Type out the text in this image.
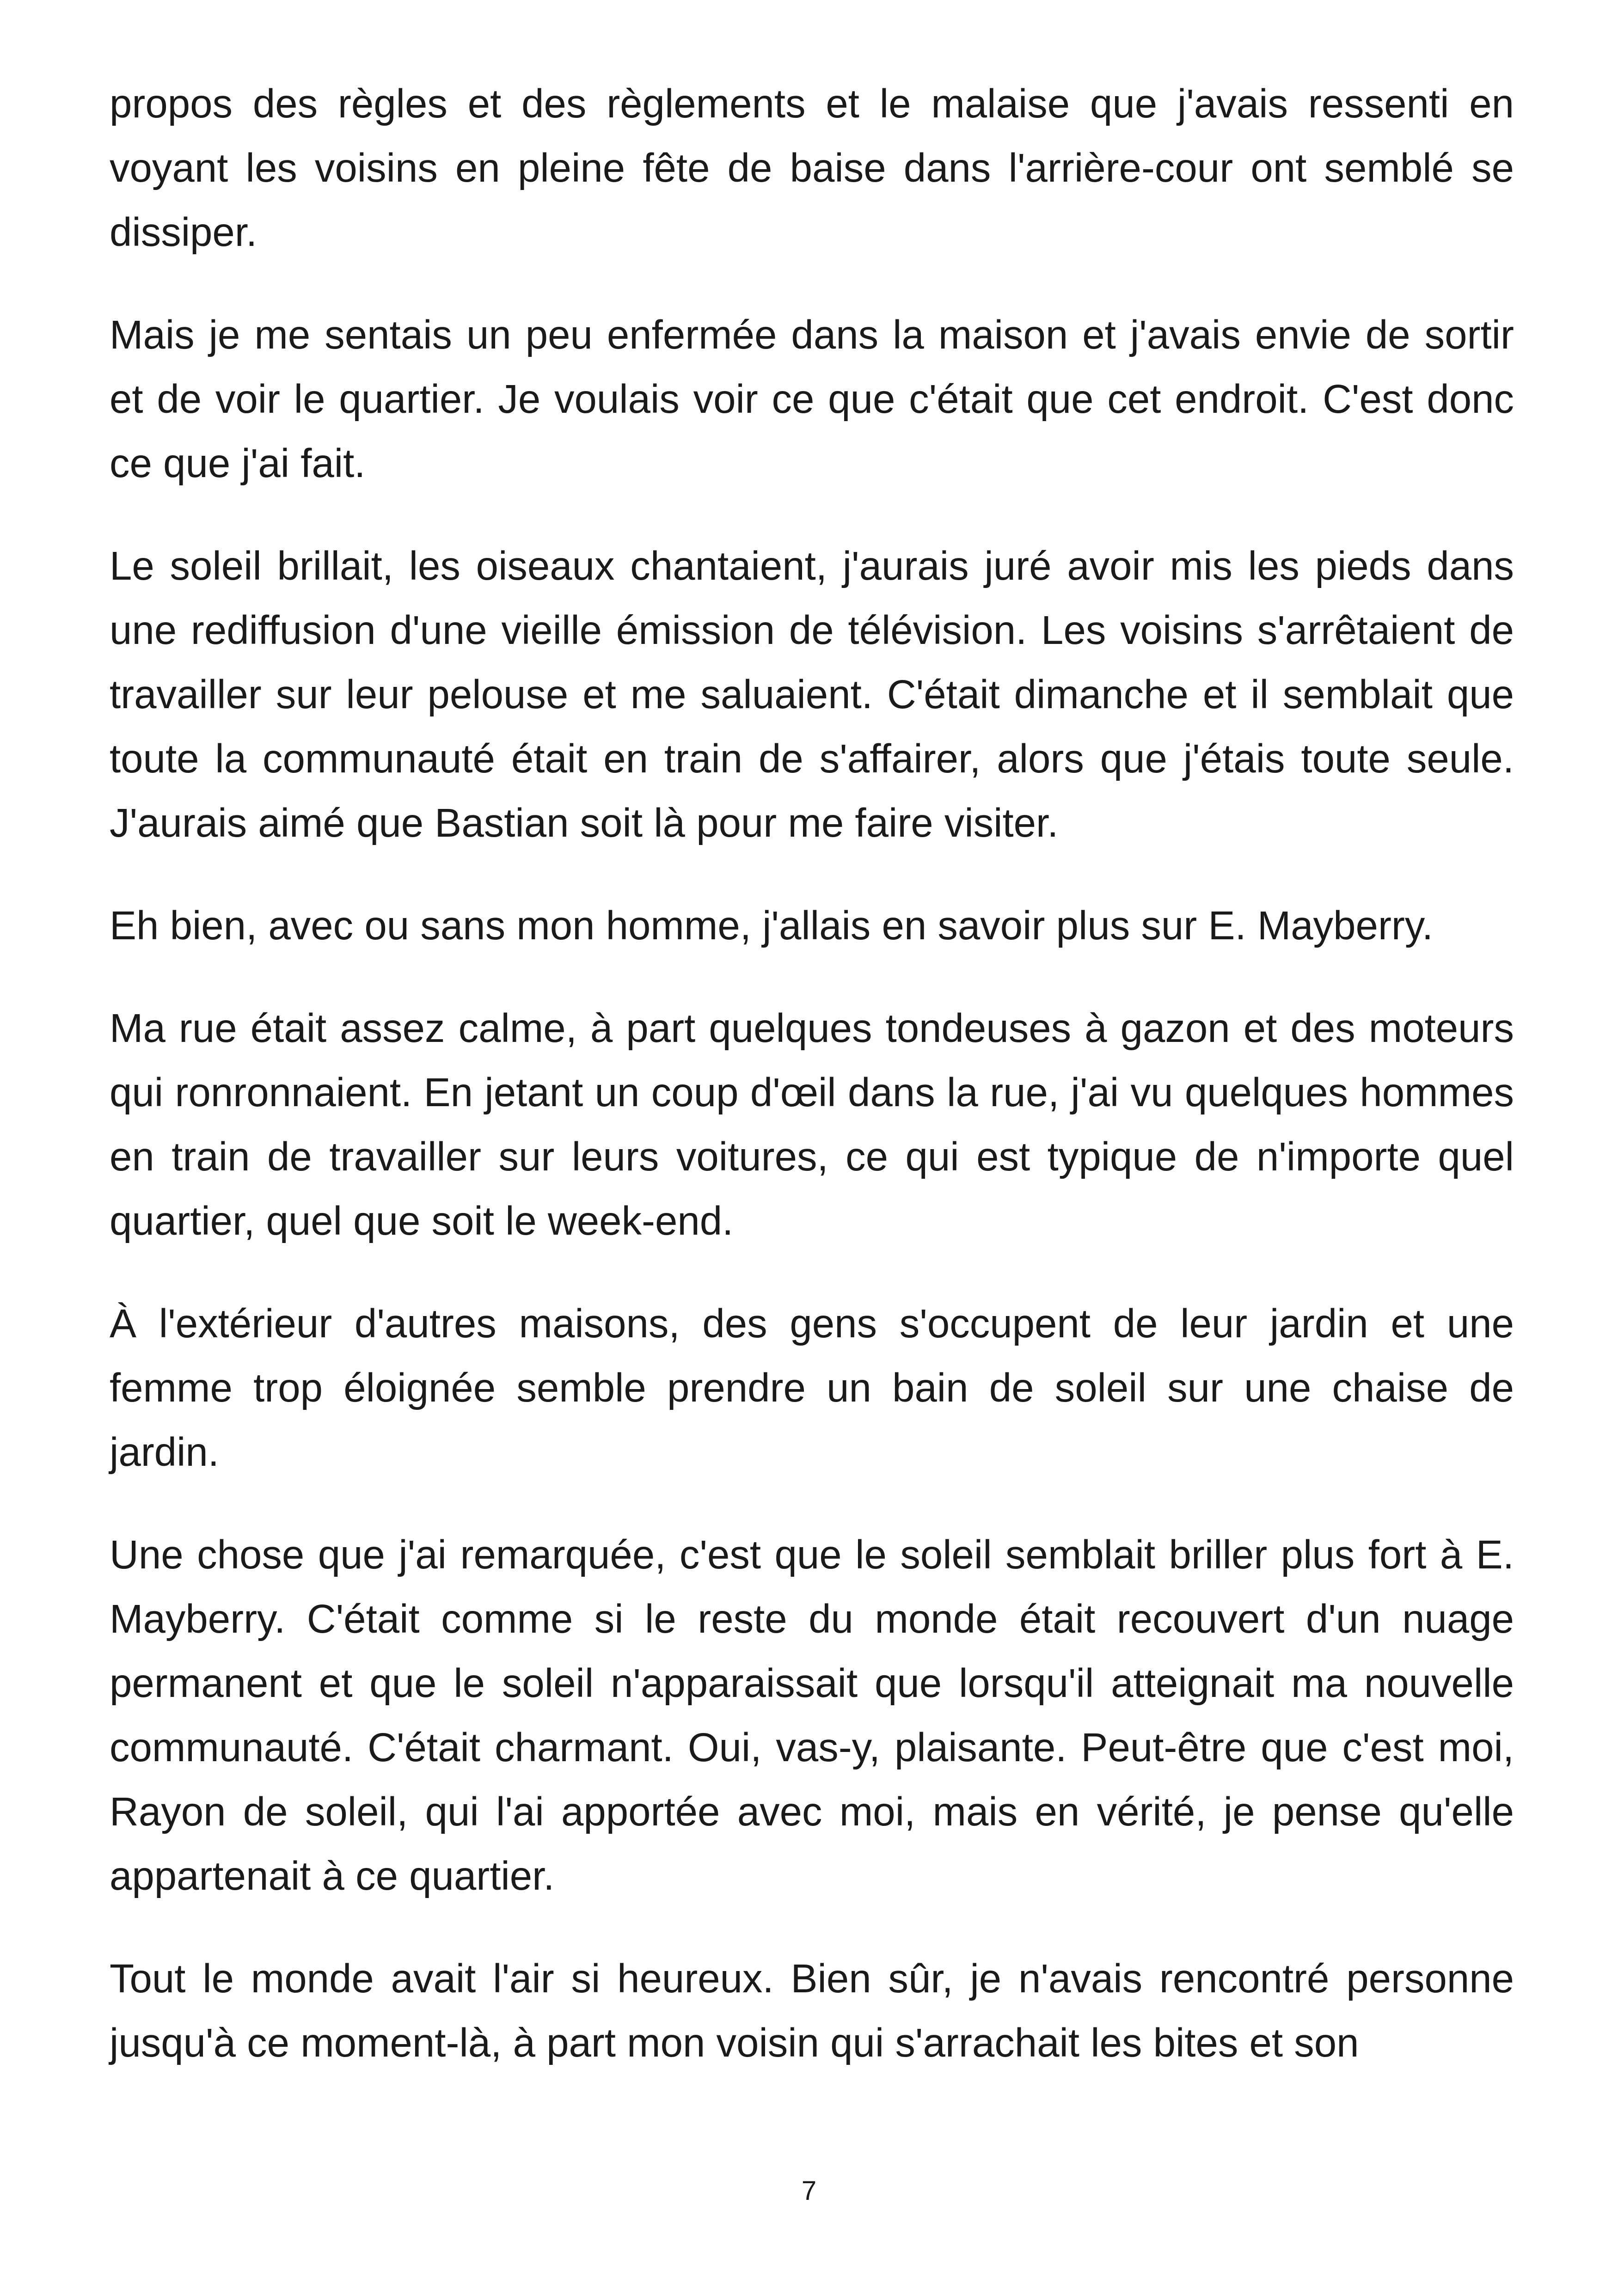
propos des règles et des règlements et le malaise que j'avais ressenti en voyant les voisins en pleine fête de baise dans l'arrière-cour ont semblé se dissiper.

Mais je me sentais un peu enfermée dans la maison et j'avais envie de sortir et de voir le quartier. Je voulais voir ce que c'était que cet endroit. C'est donc ce que j'ai fait.

Le soleil brillait, les oiseaux chantaient, j'aurais juré avoir mis les pieds dans une rediffusion d'une vieille émission de télévision. Les voisins s'arrêtaient de travailler sur leur pelouse et me saluaient. C'était dimanche et il semblait que toute la communauté était en train de s'affairer, alors que j'étais toute seule. J'aurais aimé que Bastian soit là pour me faire visiter.

Eh bien, avec ou sans mon homme, j'allais en savoir plus sur E. Mayberry.

Ma rue était assez calme, à part quelques tondeuses à gazon et des moteurs qui ronronnaient. En jetant un coup d'œil dans la rue, j'ai vu quelques hommes en train de travailler sur leurs voitures, ce qui est typique de n'importe quel quartier, quel que soit le week-end.

À l'extérieur d'autres maisons, des gens s'occupent de leur jardin et une femme trop éloignée semble prendre un bain de soleil sur une chaise de jardin.

Une chose que j'ai remarquée, c'est que le soleil semblait briller plus fort à E. Mayberry. C'était comme si le reste du monde était recouvert d'un nuage permanent et que le soleil n'apparaissait que lorsqu'il atteignait ma nouvelle communauté. C'était charmant. Oui, vas-y, plaisante. Peut-être que c'est moi, Rayon de soleil, qui l'ai apportée avec moi, mais en vérité, je pense qu'elle appartenait à ce quartier.

Tout le monde avait l'air si heureux. Bien sûr, je n'avais rencontré personne jusqu'à ce moment-là, à part mon voisin qui s'arrachait les bites et son

7
